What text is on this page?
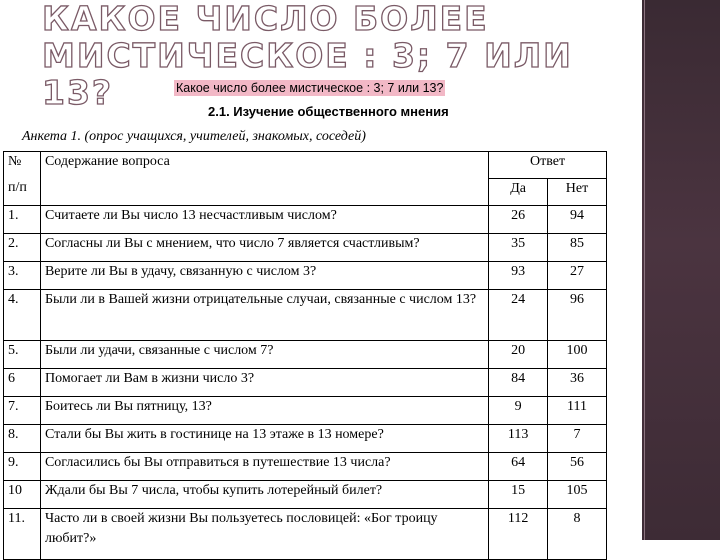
КАКОЕ ЧИСЛО БОЛЕЕ МИСТИЧЕСКОЕ : 3; 7 ИЛИ 13?	Какое число более мистическое : 3; 7 или 13?
2.1. Изучение общественного мнения
Анкета 1. (опрос учащихся, учителей, знакомых, соседей)
№
п/п	Содержание вопроса	Ответ	
		Да	Нет
1.	Считаете ли Вы число 13 несчастливым числом?	26	94
2.	Согласны ли Вы с мнением, что число 7 является счастливым?	35	85
3.	Верите ли Вы в удачу, связанную с числом 3?	93	27
4.	Были ли в Вашей жизни отрицательные случаи, связанные с числом 13?	24	96
5.	Были ли удачи, связанные с числом 7?	20	100
6	Помогает ли Вам в жизни число 3?	84	36
7.	Боитесь ли Вы пятницу, 13?	9	111
8.	Стали бы Вы жить в гостинице на 13 этаже в 13 номере?	113	7
9.	Согласились бы Вы отправиться в путешествие 13 числа?	64	56
10	Ждали бы Вы 7 числа, чтобы купить лотерейный билет?	15	105
11.	Часто ли в своей жизни Вы пользуетесь пословицей: «Бог троицу любит?»	112	8
